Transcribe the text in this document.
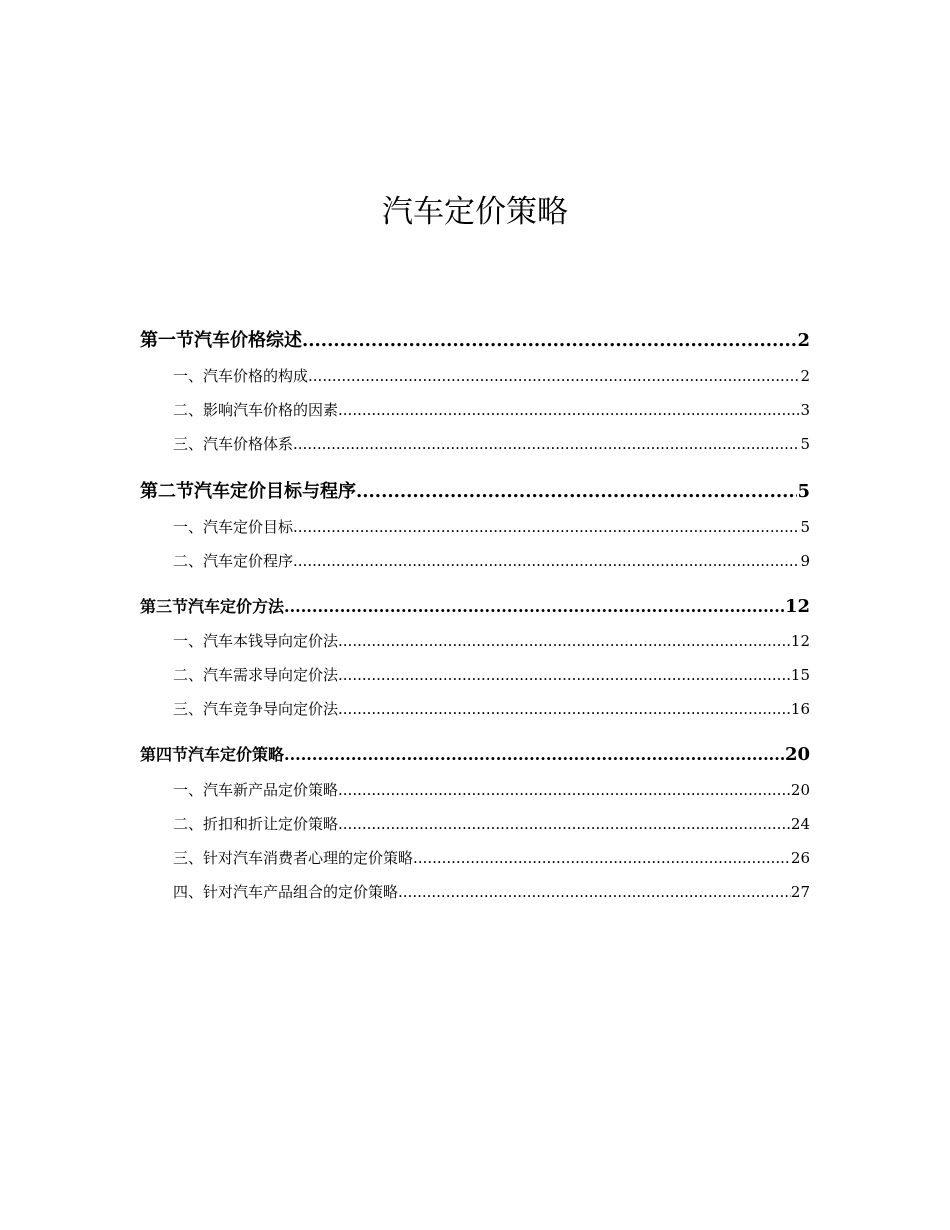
汽车定价策略
第一节汽车价格综述 .....	2
一、汽车价格的构成 .....	2
二、影响汽车价格的因素 .....	3
三、汽车价格体系 .....	5
第二节汽车定价目标与程序 .....	5
一、汽车定价目标 .....	5
二、汽车定价程序 .....	9
第三节汽车定价方法 .....	12
一、汽车本钱导向定价法 .....	12
二、汽车需求导向定价法 .....	15
三、汽车竞争导向定价法 .....	16
第四节汽车定价策略 .....	20
一、汽车新产品定价策略 .....	20
二、折扣和折让定价策略 .....	24
三、针对汽车消费者心理的定价策略 .....	26
四、针对汽车产品组合的定价策略 .....	27
